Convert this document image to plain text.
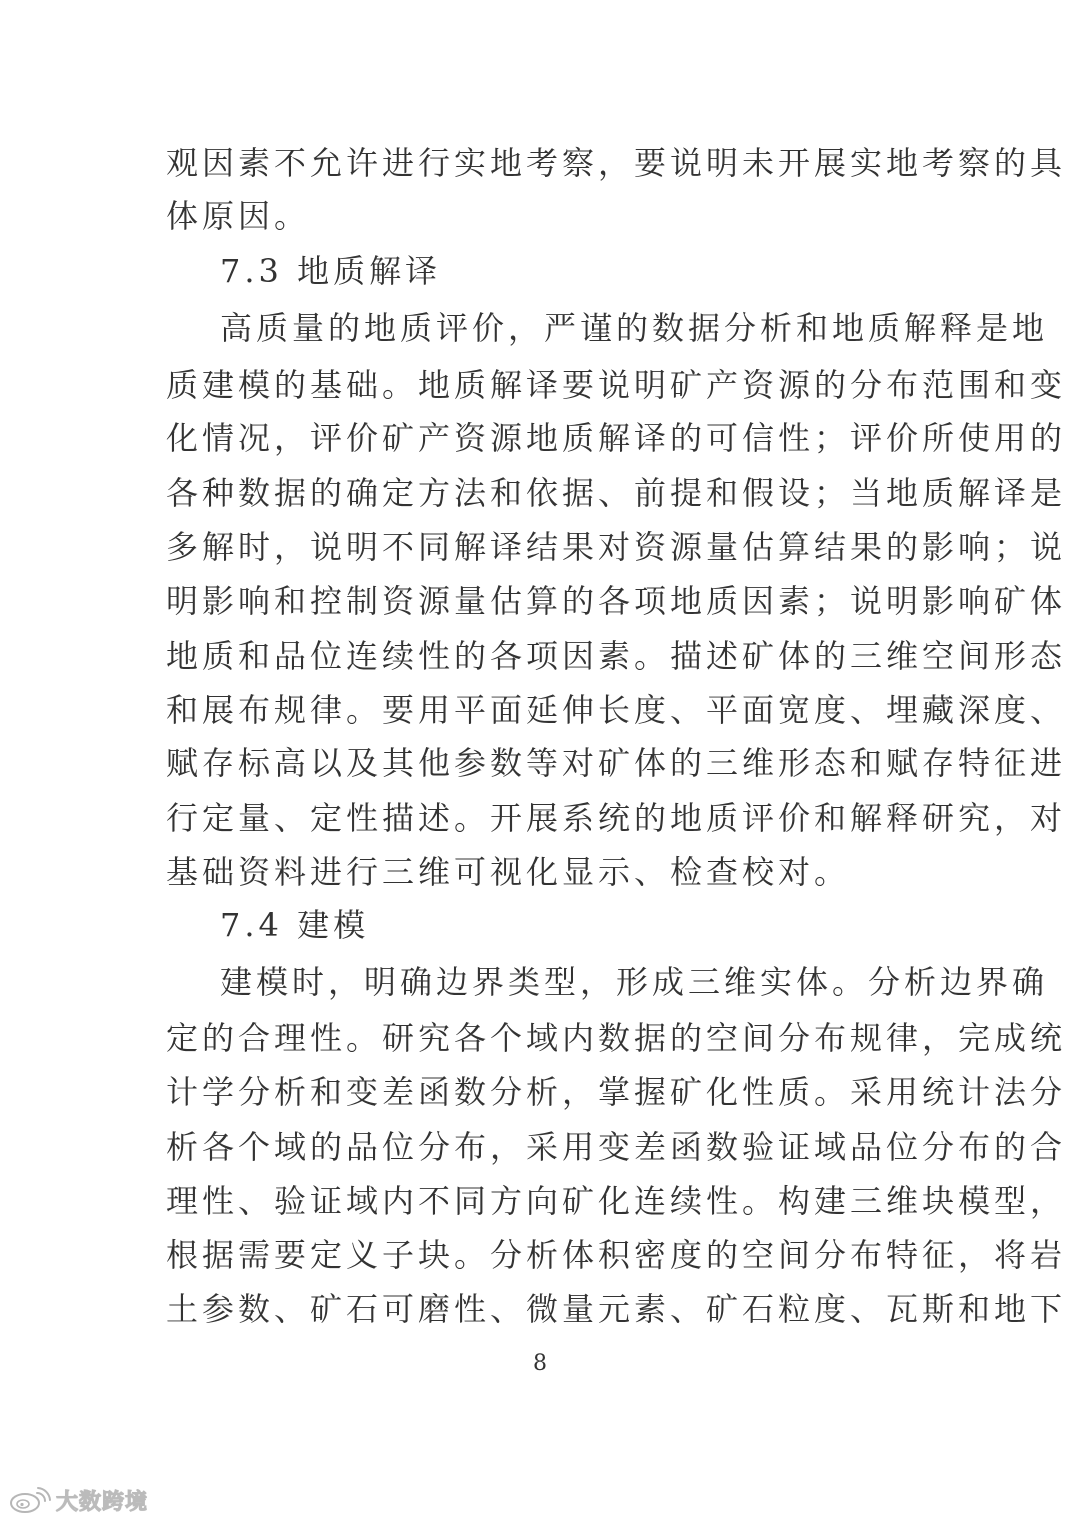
观因素不允许进行实地考察，要说明未开展实地考察的具
体原因。
7.3 地质解译
高质量的地质评价，严谨的数据分析和地质解释是地
质建模的基础。地质解译要说明矿产资源的分布范围和变
化情况，评价矿产资源地质解译的可信性；评价所使用的
各种数据的确定方法和依据、前提和假设；当地质解译是
多解时，说明不同解译结果对资源量估算结果的影响；说
明影响和控制资源量估算的各项地质因素；说明影响矿体
地质和品位连续性的各项因素。描述矿体的三维空间形态
和展布规律。要用平面延伸长度、平面宽度、埋藏深度、
赋存标高以及其他参数等对矿体的三维形态和赋存特征进
行定量、定性描述。开展系统的地质评价和解释研究，对
基础资料进行三维可视化显示、检查校对。
7.4 建模
建模时，明确边界类型，形成三维实体。分析边界确
定的合理性。研究各个域内数据的空间分布规律，完成统
计学分析和变差函数分析，掌握矿化性质。采用统计法分
析各个域的品位分布，采用变差函数验证域品位分布的合
理性、验证域内不同方向矿化连续性。构建三维块模型，
根据需要定义子块。分析体积密度的空间分布特征，将岩
土参数、矿石可磨性、微量元素、矿石粒度、瓦斯和地下
8
大数跨境
